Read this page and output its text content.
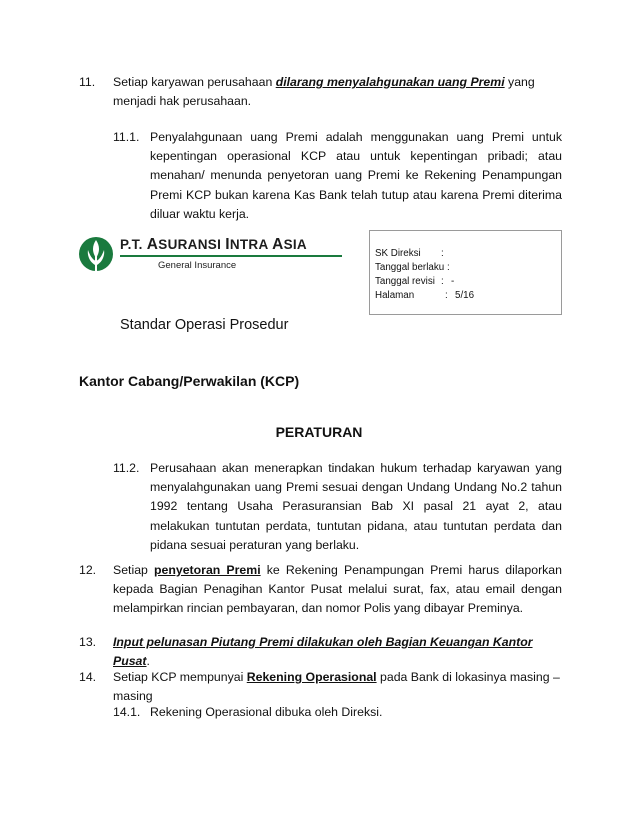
11. Setiap karyawan perusahaan dilarang menyalahgunakan uang Premi yang menjadi hak perusahaan.
11.1. Penyalahgunaan uang Premi adalah menggunakan uang Premi untuk kepentingan operasional KCP atau untuk kepentingan pribadi; atau menahan/ menunda penyetoran uang Premi ke Rekening Penampungan Premi KCP bukan karena Kas Bank telah tutup atau karena Premi diterima diluar waktu kerja.
P.T. ASURANSI INTRA ASIA
General Insurance
SK Direksi :
Tanggal berlaku :
Tanggal revisi : -
Halaman	: 5/16
Standar Operasi Prosedur
Kantor Cabang/Perwakilan (KCP)
PERATURAN
11.2. Perusahaan akan menerapkan tindakan hukum terhadap karyawan yang menyalahgunakan uang Premi sesuai dengan Undang Undang No.2 tahun 1992 tentang Usaha Perasuransian Bab XI pasal 21 ayat 2, atau melakukan tuntutan perdata, tuntutan pidana, atau tuntutan perdata dan pidana sesuai peraturan yang berlaku.
12. Setiap penyetoran Premi ke Rekening Penampungan Premi harus dilaporkan kepada Bagian Penagihan Kantor Pusat melalui surat, fax, atau email dengan melampirkan rincian pembayaran, dan nomor Polis yang dibayar Preminya.
13. Input pelunasan Piutang Premi dilakukan oleh Bagian Keuangan Kantor Pusat.
14. Setiap KCP mempunyai Rekening Operasional pada Bank di lokasinya masing – masing
14.1. Rekening Operasional dibuka oleh Direksi.
